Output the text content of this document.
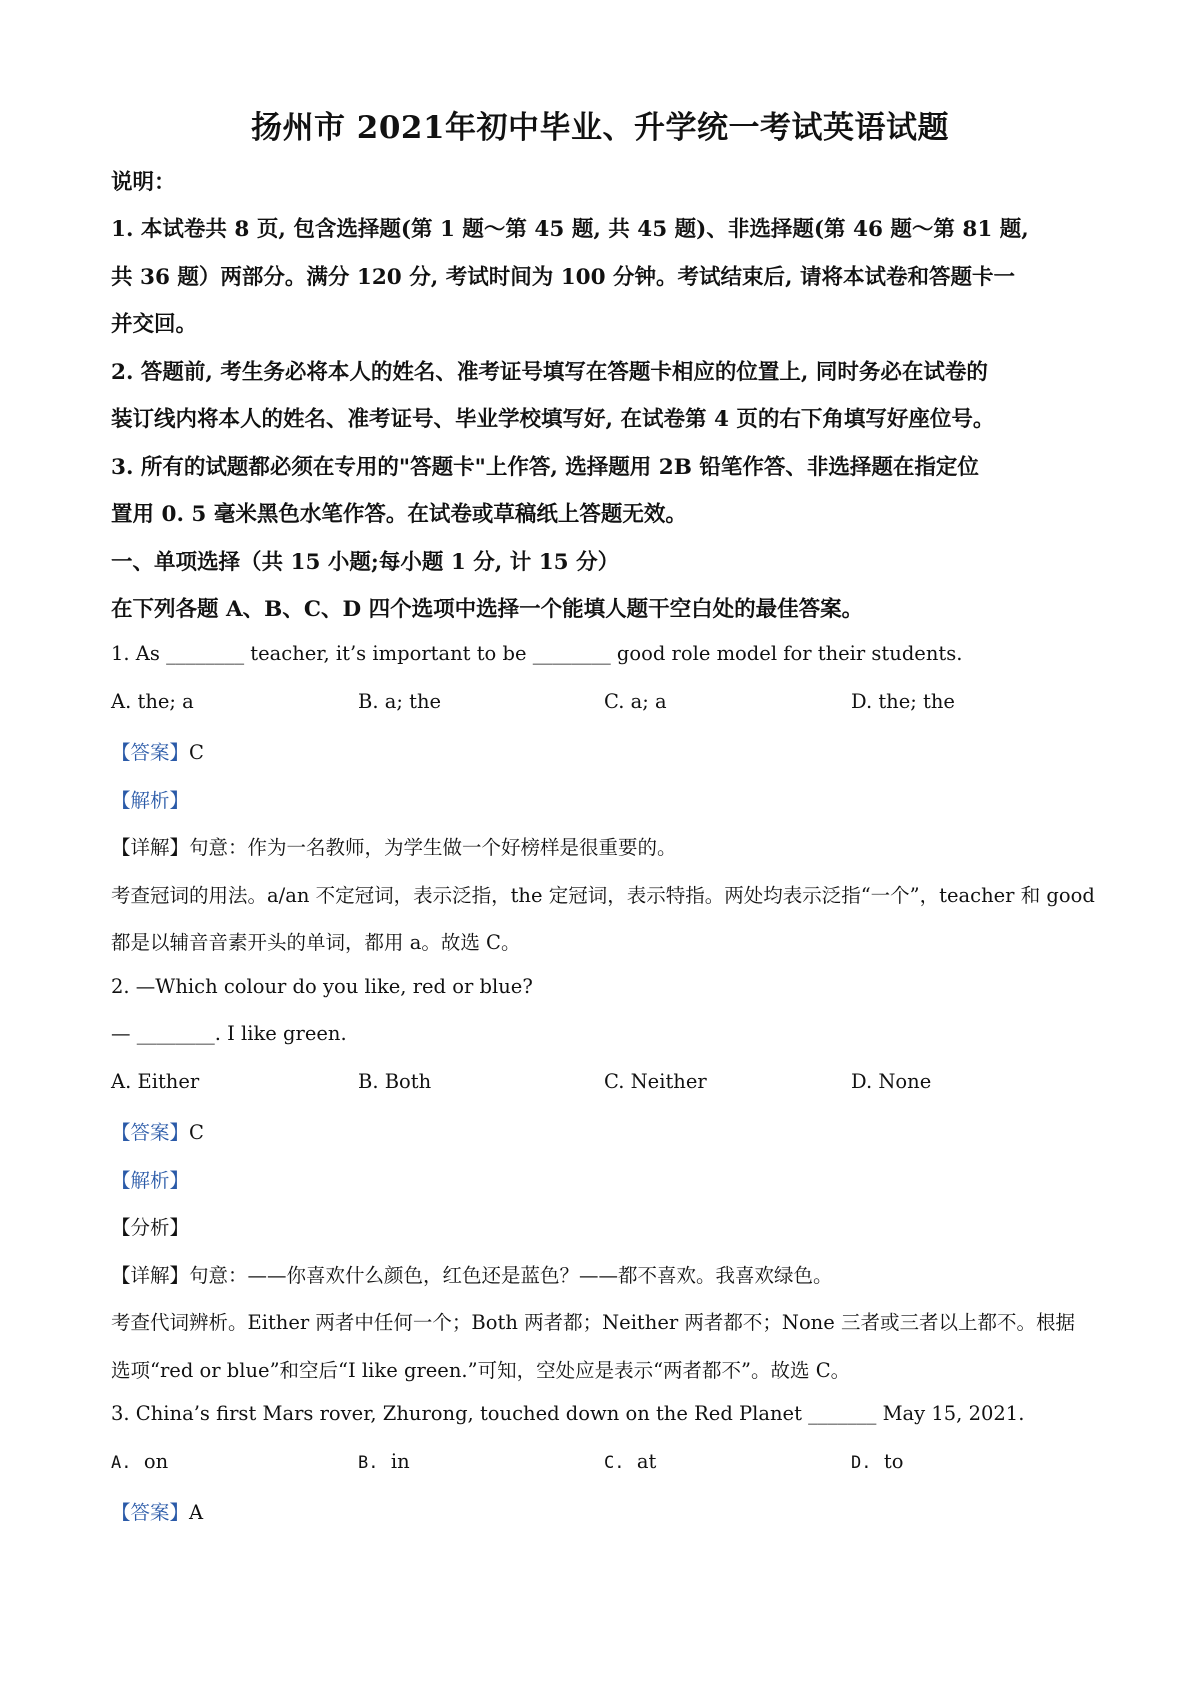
扬州市 2021年初中毕业、升学统一考试英语试题
说明：
1. 本试卷共 8 页, 包含选择题(第 1 题～第 45 题, 共 45 题)、非选择题(第 46 题～第 81 题,
共 36 题）两部分。满分 120 分, 考试时间为 100 分钟。考试结束后, 请将本试卷和答题卡一
并交回。
2. 答题前, 考生务必将本人的姓名、准考证号填写在答题卡相应的位置上, 同时务必在试卷的
装订线内将本人的姓名、准考证号、毕业学校填写好, 在试卷第 4 页的右下角填写好座位号。
3. 所有的试题都必须在专用的"答题卡"上作答, 选择题用 2B 铅笔作答、非选择题在指定位
置用 0. 5 毫米黑色水笔作答。在试卷或草稿纸上答题无效。
一、单项选择（共 15 小题;每小题 1 分, 计 15 分）
在下列各题 A、B、C、D 四个选项中选择一个能填人题干空白处的最佳答案。
1. As ________ teacher, it’s important to be ________ good role model for their students.
A. the; a	B. a; the	C. a; a	D. the; the
【答案】C
【解析】
【详解】句意：作为一名教师，为学生做一个好榜样是很重要的。
考查冠词的用法。a/an 不定冠词，表示泛指，the 定冠词，表示特指。两处均表示泛指“一个”，teacher 和 good
都是以辅音音素开头的单词，都用 a。故选 C。
2. —Which colour do you like, red or blue?
— ________. I like green.
A. Either	B. Both	C. Neither	D. None
【答案】C
【解析】
【分析】
【详解】句意：——你喜欢什么颜色，红色还是蓝色？——都不喜欢。我喜欢绿色。
考查代词辨析。Either 两者中任何一个；Both 两者都；Neither 两者都不；None 三者或三者以上都不。根据
选项“red or blue”和空后“I like green.”可知，空处应是表示“两者都不”。故选 C。
3. China’s first Mars rover, Zhurong, touched down on the Red Planet _______ May 15, 2021.
A. on	B. in	C. at	D. to
【答案】A
